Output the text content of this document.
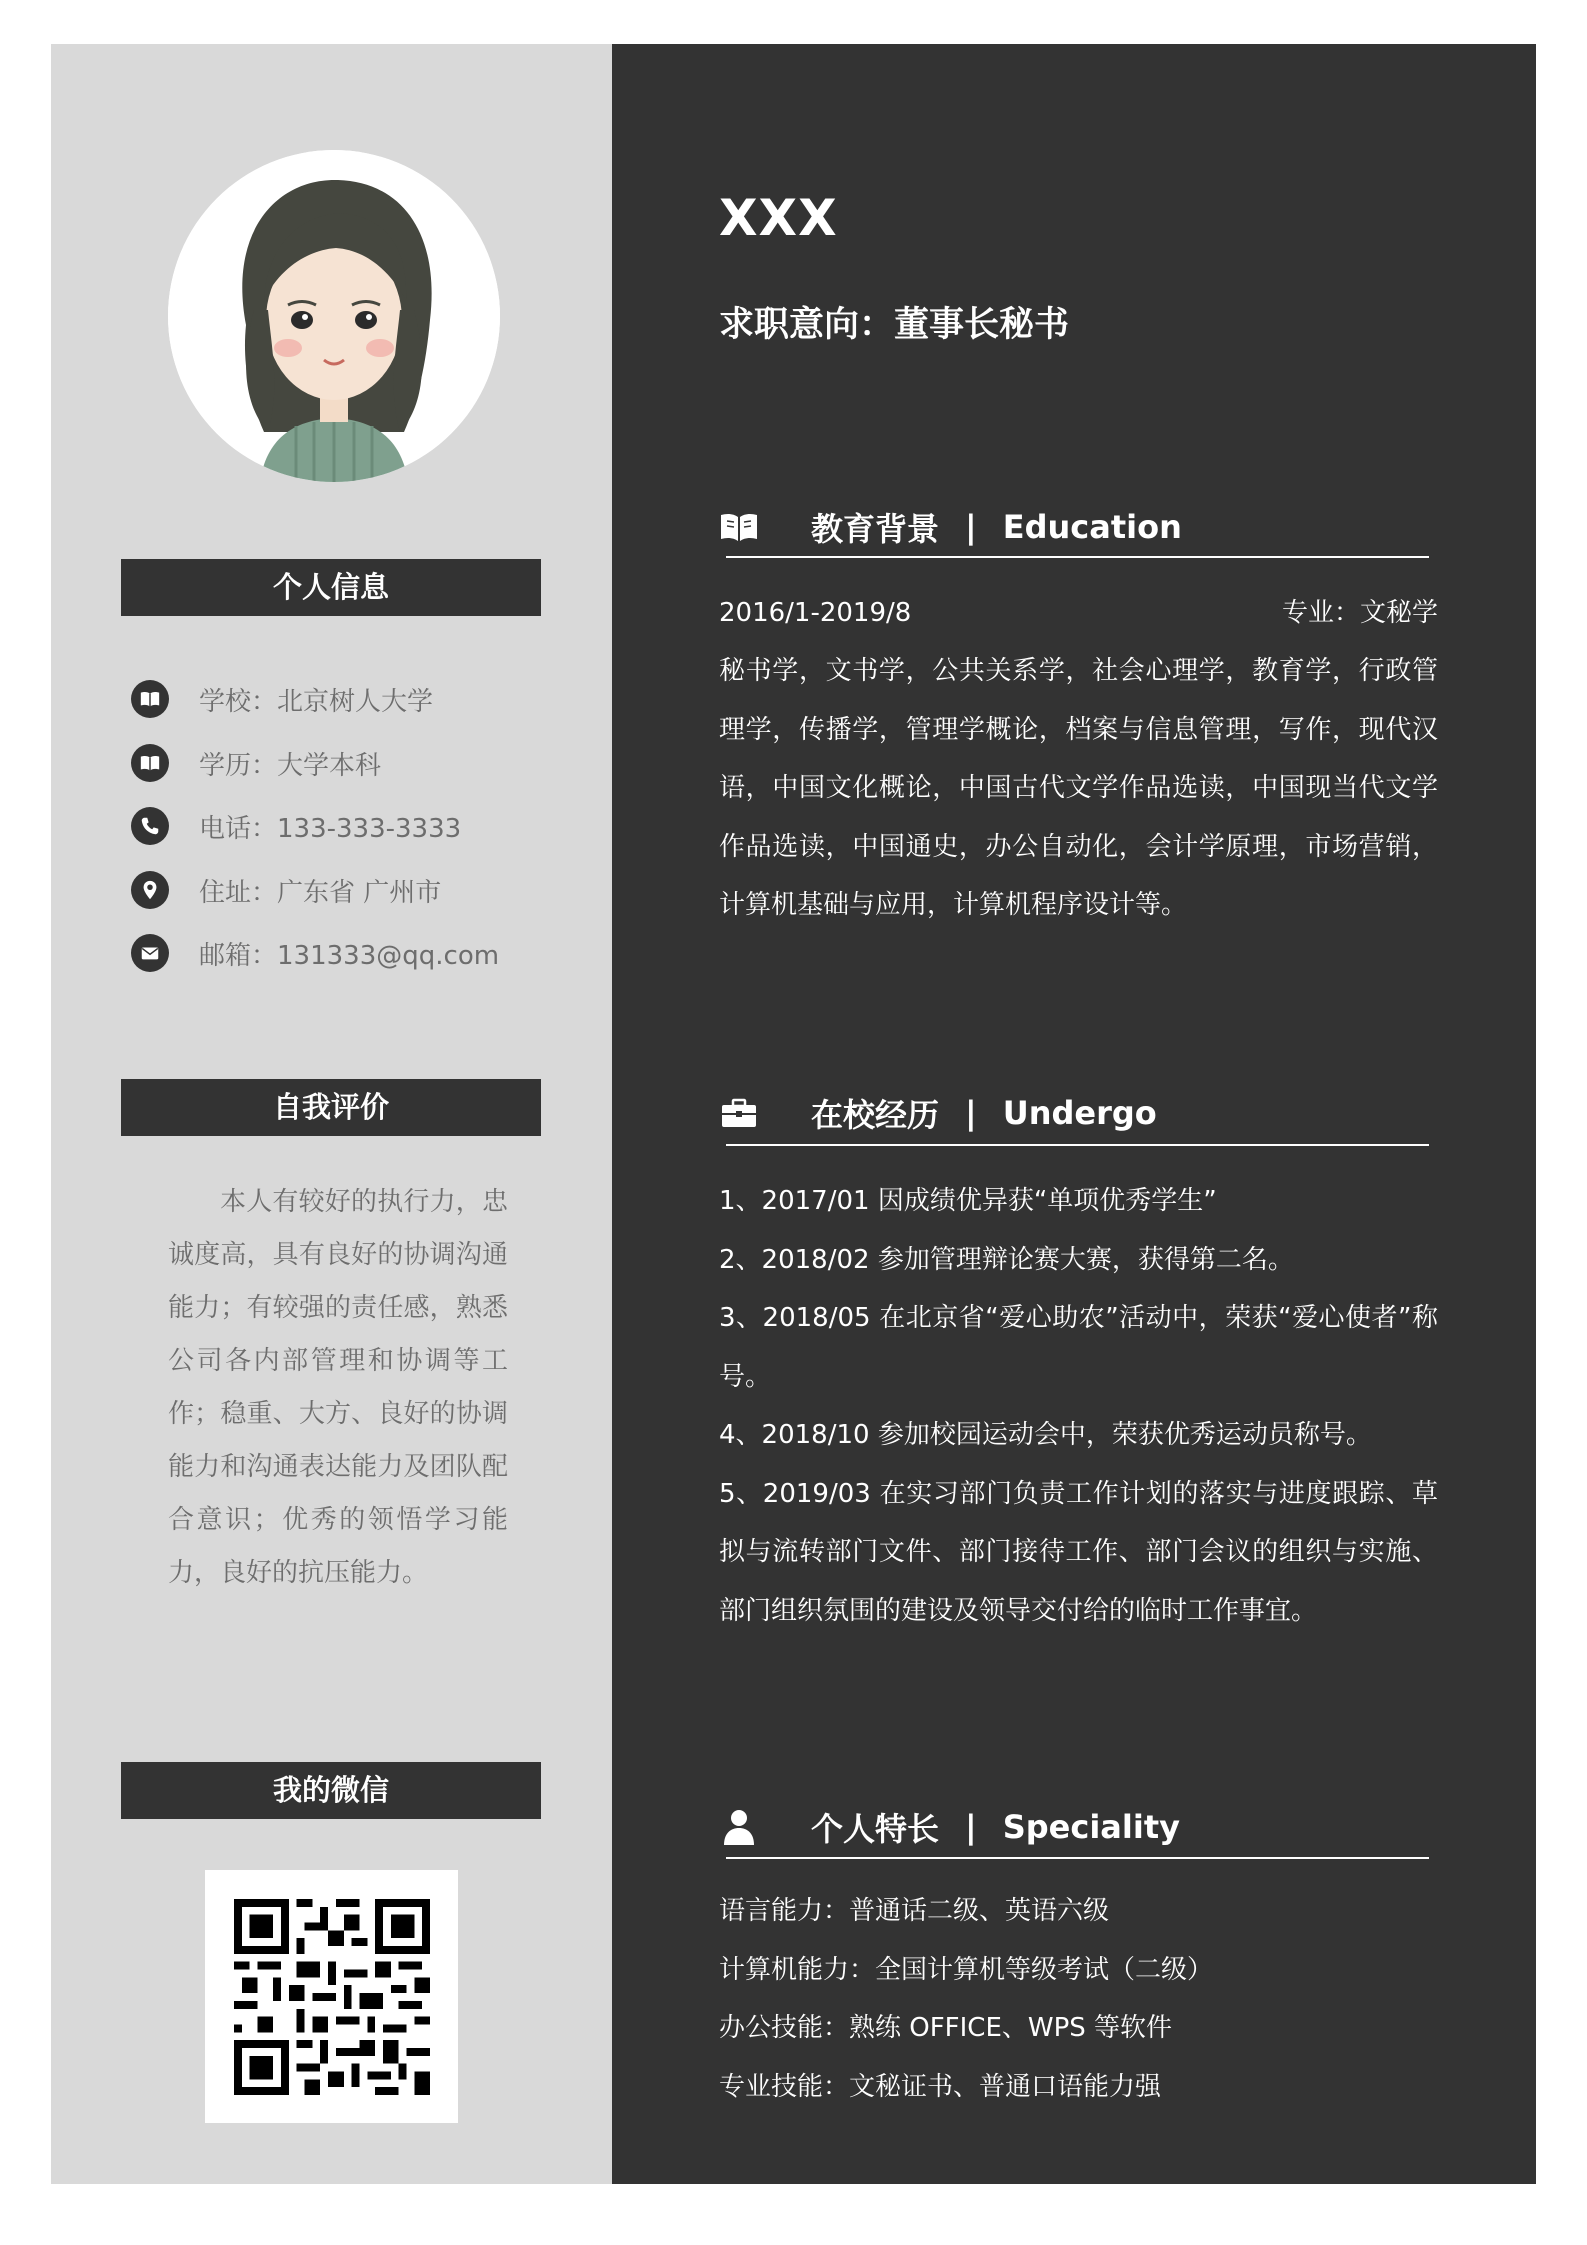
个人信息
学校：北京树人大学
学历：大学本科
电话：133-333-3333
住址：广东省 广州市
邮箱：131333@qq.com
自我评价

本人有较好的执行力，忠诚度高，具有良好的协调沟通能力；有较强的责任感，熟悉公司各内部管理和协调等工作；稳重、大方、良好的协调能力和沟通表达能力及团队配合意识；优秀的领悟学习能力，良好的抗压能力。

我的微信
XXX
求职意向：董事长秘书
教育背景 | Education
2016/1-2019/8	专业：文秘学

秘书学，文书学，公共关系学，社会心理学，教育学，行政管理学，传播学，管理学概论，档案与信息管理，写作，现代汉语，中国文化概论，中国古代文学作品选读，中国现当代文学作品选读，中国通史，办公自动化，会计学原理，市场营销，计算机基础与应用，计算机程序设计等。

在校经历 | Undergo
1、2017/01 因成绩优异获“单项优秀学生”
2、2018/02 参加管理辩论赛大赛，获得第二名。
3、2018/05 在北京省“爱心助农”活动中，荣获“爱心使者”称号。
4、2018/10 参加校园运动会中，荣获优秀运动员称号。
5、2019/03 在实习部门负责工作计划的落实与进度跟踪、草拟与流转部门文件、部门接待工作、部门会议的组织与实施、部门组织氛围的建设及领导交付给的临时工作事宜。
个人特长 | Speciality
语言能力：普通话二级、英语六级
计算机能力：全国计算机等级考试（二级）
办公技能：熟练 OFFICE、WPS 等软件
专业技能：文秘证书、普通口语能力强
